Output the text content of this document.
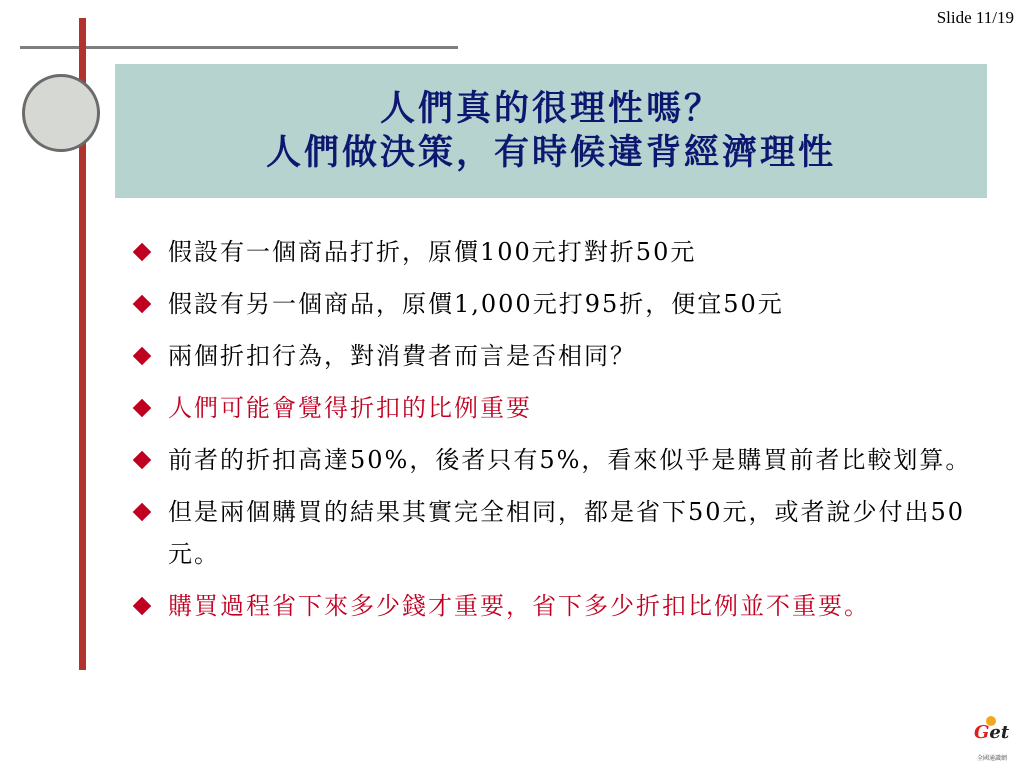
Slide 11/19
人們真的很理性嗎？
人們做決策，有時候違背經濟理性
假設有一個商品打折，原價100元打對折50元
假設有另一個商品，原價1,000元打95折，便宜50元
兩個折扣行為，對消費者而言是否相同？
人們可能會覺得折扣的比例重要
前者的折扣高達50%，後者只有5%，看來似乎是購買前者比較划算。
但是兩個購買的結果其實完全相同，都是省下50元，或者說少付出50元。
購買過程省下來多少錢才重要，省下多少折扣比例並不重要。
Get
全國通識網
